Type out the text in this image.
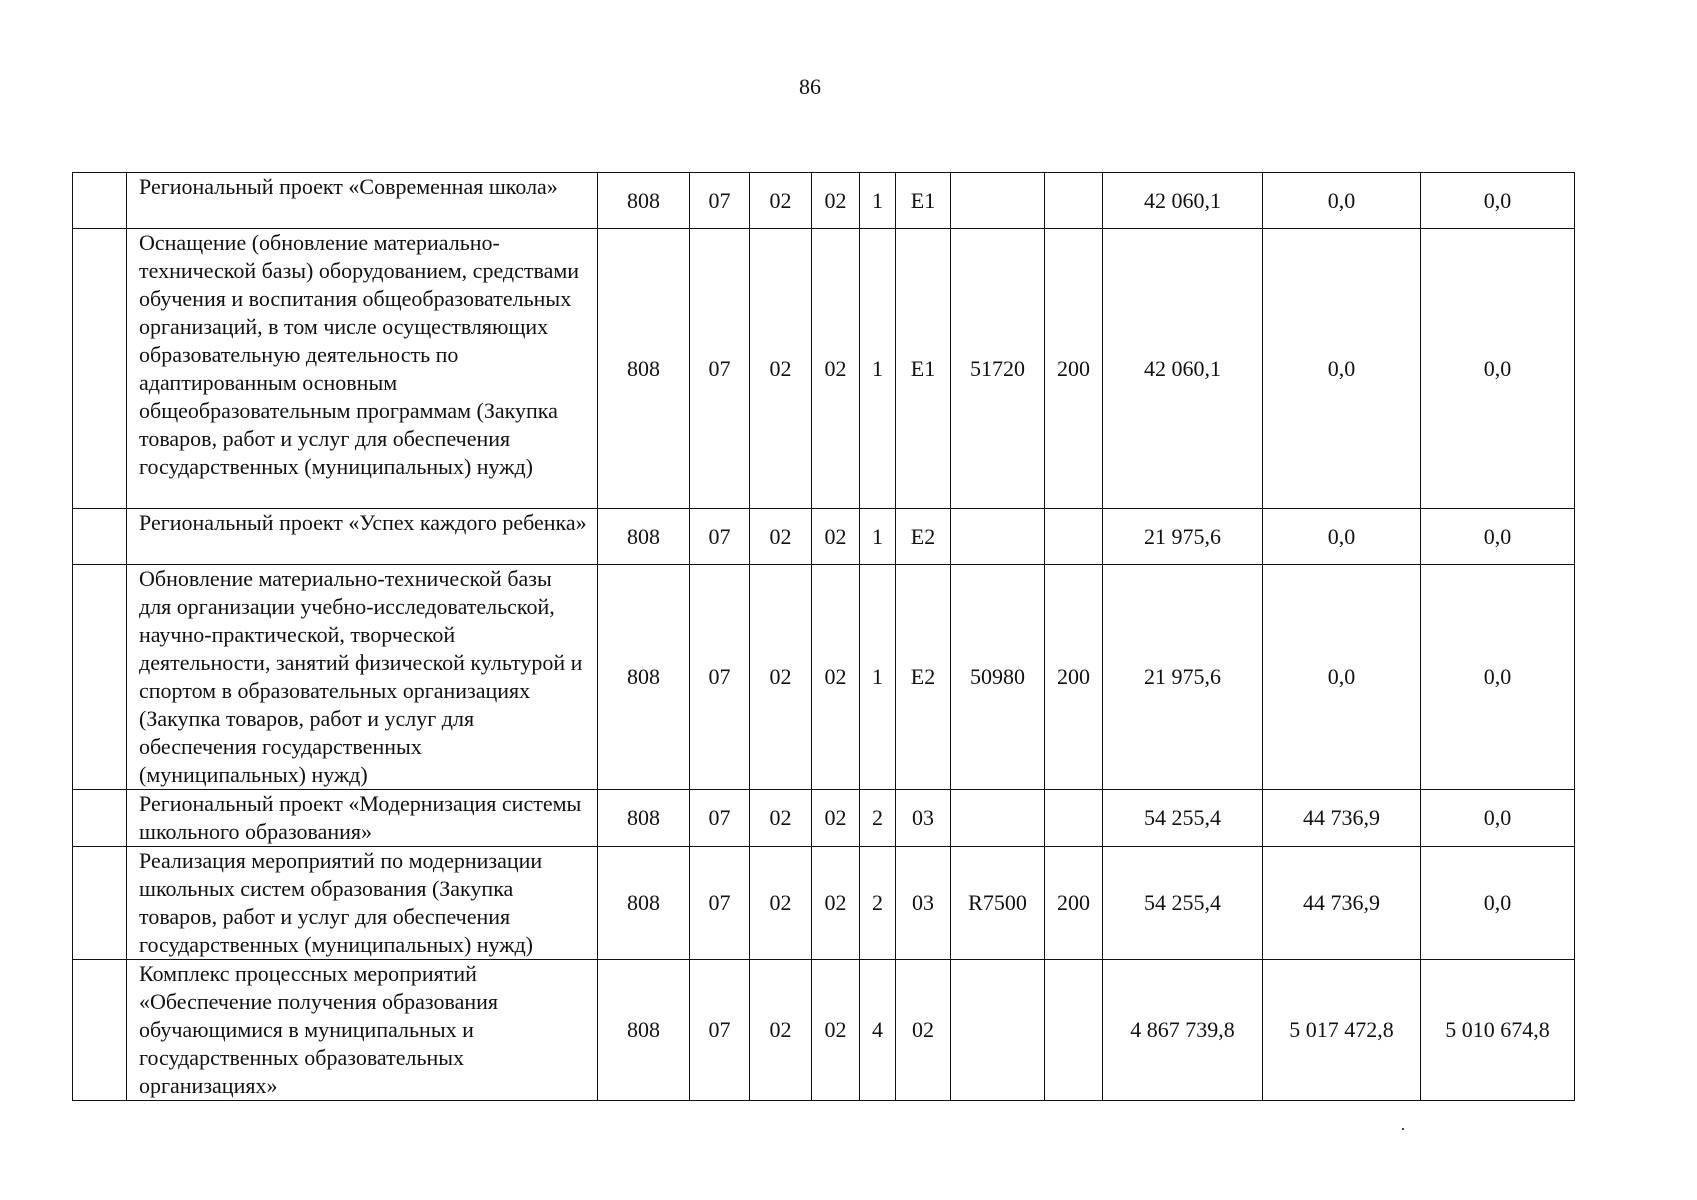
86
	Региональный проект «Современная школа»	808	07	02	02	1	Е1			42 060,1	0,0	0,0
	Оснащение (обновление материально-технической базы) оборудованием, средствами обучения и воспитания общеобразовательных организаций, в том числе осуществляющих образовательную деятельность по адаптированным основным общеобразовательным программам (Закупка товаров, работ и услуг для обеспечения государственных (муниципальных) нужд)	808	07	02	02	1	Е1	51720	200	42 060,1	0,0	0,0
	Региональный проект «Успех каждого ребенка»	808	07	02	02	1	Е2			21 975,6	0,0	0,0
	Обновление материально-технической базы для организации учебно-исследовательской, научно-практической, творческой деятельности, занятий физической культурой и спортом в образовательных организациях (Закупка товаров, работ и услуг для обеспечения государственных (муниципальных) нужд)	808	07	02	02	1	Е2	50980	200	21 975,6	0,0	0,0
	Региональный проект «Модернизация системы школьного образования»	808	07	02	02	2	03			54 255,4	44 736,9	0,0
	Реализация мероприятий по модернизации школьных систем образования (Закупка товаров, работ и услуг для обеспечения государственных (муниципальных) нужд)	808	07	02	02	2	03	R7500	200	54 255,4	44 736,9	0,0
	Комплекс процессных мероприятий «Обеспечение получения образования обучающимися в муниципальных и государственных образовательных организациях»	808	07	02	02	4	02			4 867 739,8	5 017 472,8	5 010 674,8
